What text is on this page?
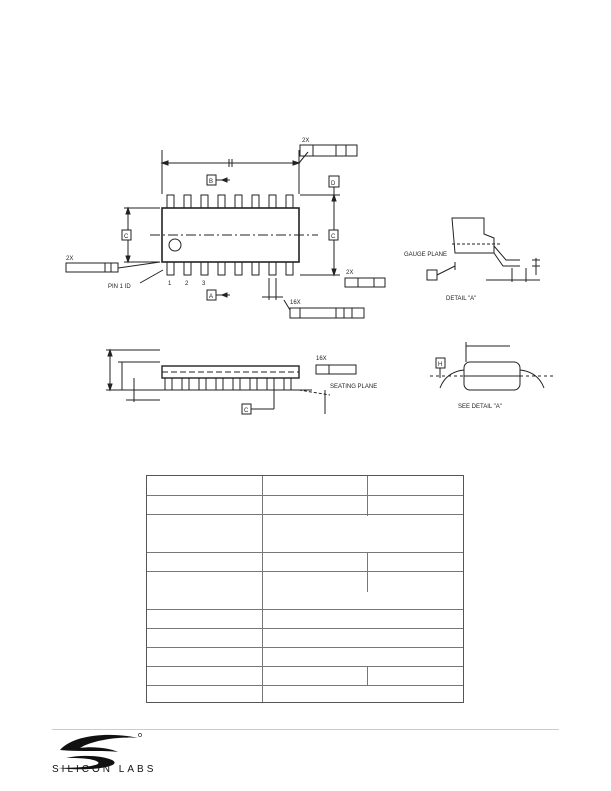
2X
2X
B	D
C
C
A
PIN 1 ID
16X
2X
1 2 3
GAUGE PLANE
DETAIL "A"
16X
SEATING PLANE
C
H
SEE DETAIL "A"
SILICON LABS
